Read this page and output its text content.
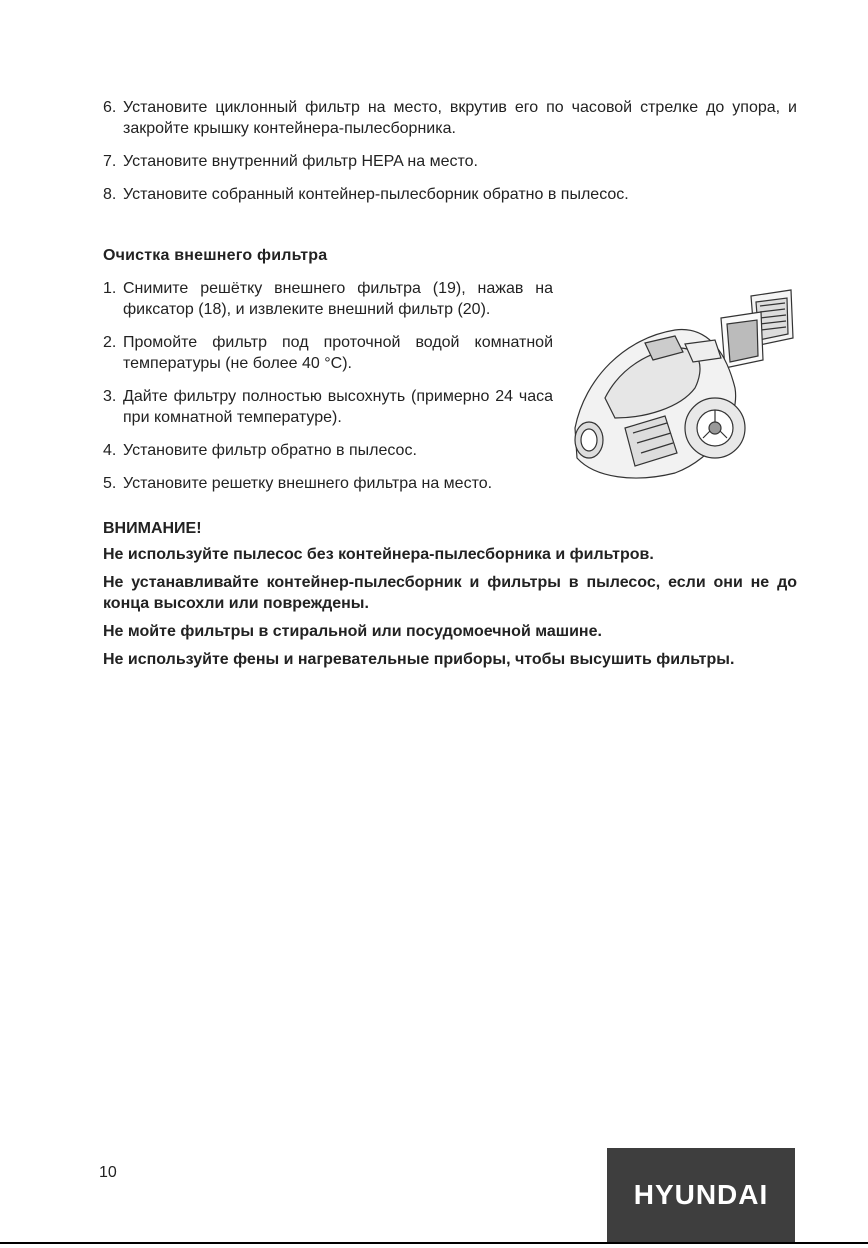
6. Установите циклонный фильтр на место, вкрутив его по часовой стрелке до упора, и закройте крышку контейнера-пылесборника.
7. Установите внутренний фильтр HEPA на место.
8. Установите собранный контейнер-пылесборник обратно в пылесос.
Очистка внешнего фильтра
1. Снимите решётку внешнего фильтра (19), нажав на фиксатор (18), и извлеките внешний фильтр (20).
2. Промойте фильтр под проточной водой комнатной температуры (не более 40 °С).
3. Дайте фильтру полностью высохнуть (примерно 24 часа при комнатной температуре).
4. Установите фильтр обратно в пылесос.
5. Установите решетку внешнего фильтра на место.
ВНИМАНИЕ!
Не используйте пылесос без контейнера-пылесборника и фильтров.
Не устанавливайте контейнер-пылесборник и фильтры в пылесос, если они не до конца высохли или повреждены.
Не мойте фильтры в стиральной или посудомоечной машине.
Не используйте фены и нагревательные приборы, чтобы высушить фильтры.
10
HYUNDAI
